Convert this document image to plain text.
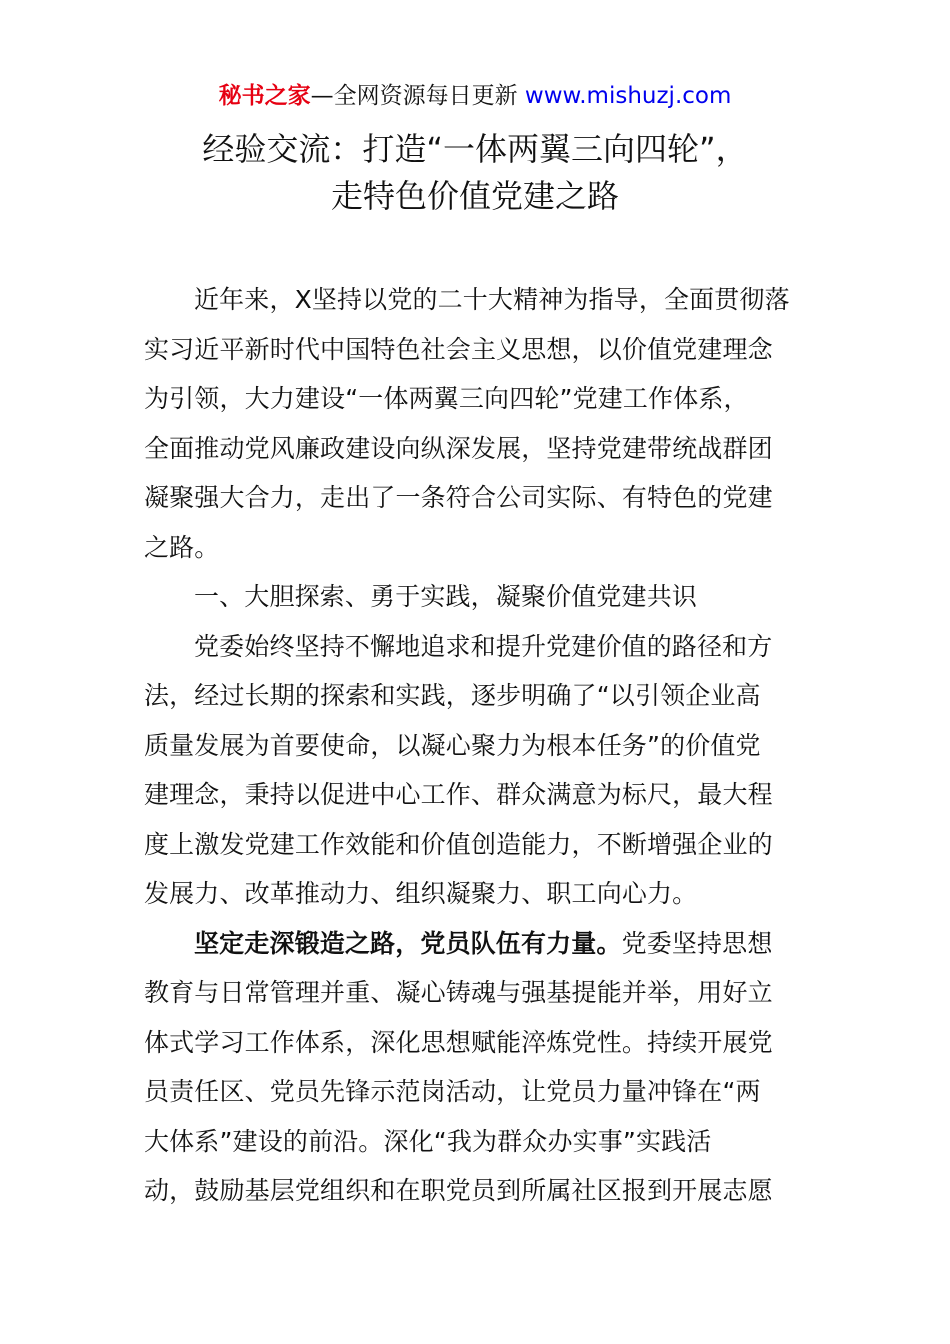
秘书之家—全网资源每日更新 www.mishuzj.com
经验交流：打造“一体两翼三向四轮”，
走特色价值党建之路
近年来，X坚持以党的二十大精神为指导，全面贯彻落
实习近平新时代中国特色社会主义思想，以价值党建理念
为引领，大力建设“一体两翼三向四轮”党建工作体系，
全面推动党风廉政建设向纵深发展，坚持党建带统战群团
凝聚强大合力，走出了一条符合公司实际、有特色的党建
之路。
一、大胆探索、勇于实践，凝聚价值党建共识
党委始终坚持不懈地追求和提升党建价值的路径和方
法，经过长期的探索和实践，逐步明确了“以引领企业高
质量发展为首要使命，以凝心聚力为根本任务”的价值党
建理念，秉持以促进中心工作、群众满意为标尺，最大程
度上激发党建工作效能和价值创造能力，不断增强企业的
发展力、改革推动力、组织凝聚力、职工向心力。
坚定走深锻造之路，党员队伍有力量。党委坚持思想
教育与日常管理并重、凝心铸魂与强基提能并举，用好立
体式学习工作体系，深化思想赋能淬炼党性。持续开展党
员责任区、党员先锋示范岗活动，让党员力量冲锋在“两
大体系”建设的前沿。深化“我为群众办实事”实践活
动，鼓励基层党组织和在职党员到所属社区报到开展志愿
